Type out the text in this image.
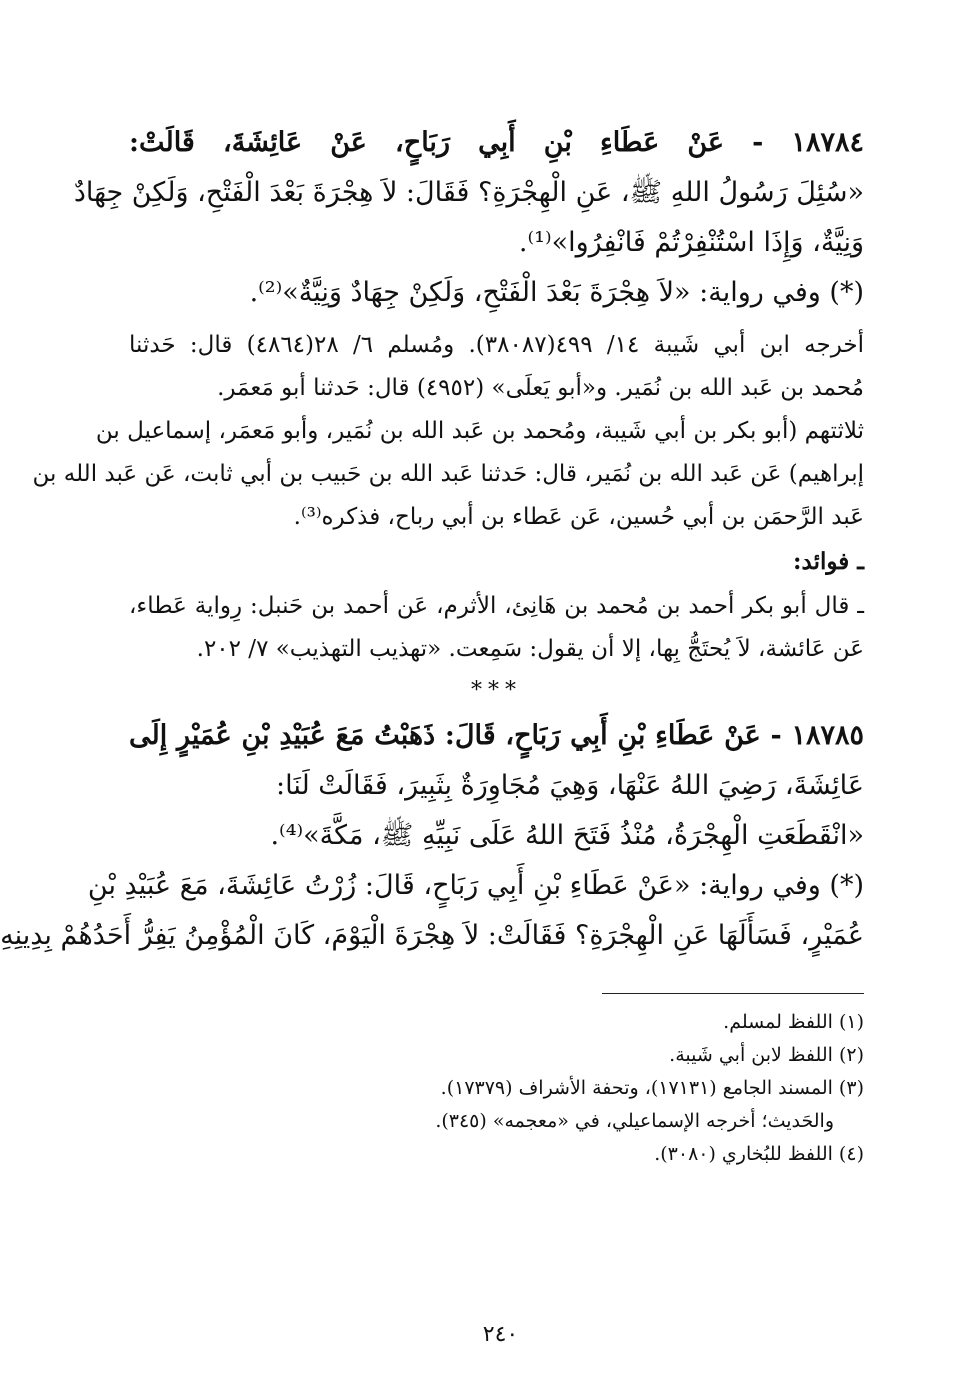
١٨٧٨٤ - عَنْ عَطَاءِ بْنِ أَبِي رَبَاحٍ، عَنْ عَائِشَةَ، قَالَتْ:
«سُئِلَ رَسُولُ اللهِ ﷺ، عَنِ الْهِجْرَةِ؟ فَقَالَ: لاَ هِجْرَةَ بَعْدَ الْفَتْحِ، وَلَكِنْ جِهَادٌ
وَنِيَّةٌ، وَإِذَا اسْتُنْفِرْتُمْ فَانْفِرُوا»⁽¹⁾.
(*) وفي رواية: «لاَ هِجْرَةَ بَعْدَ الْفَتْحِ، وَلَكِنْ جِهَادٌ وَنِيَّةٌ»⁽²⁾.
أخرجه ابن أبي شَيبة ١٤/ ٤٩٩(٣٨٠٨٧). ومُسلم ٦/ ٢٨(٤٨٦٤) قال: حَدثنا
مُحمد بن عَبد الله بن نُمَير. و«أبو يَعلَى» (٤٩٥٢) قال: حَدثنا أبو مَعمَر.
ثلاثتهم (أبو بكر بن أبي شَيبة، ومُحمد بن عَبد الله بن نُمَير، وأبو مَعمَر، إسماعيل بن
إبراهيم) عَن عَبد الله بن نُمَير، قال: حَدثنا عَبد الله بن حَبيب بن أبي ثابت، عَن عَبد الله بن
عَبد الرَّحمَن بن أبي حُسين، عَن عَطاء بن أبي رباح، فذكره⁽³⁾.
ـ فوائد:
ـ قال أبو بكر أحمد بن مُحمد بن هَانِئ، الأثرم، عَن أحمد بن حَنبل: رِواية عَطاء،
عَن عَائشة، لاَ يُحتَجُّ بِها، إلا أن يقول: سَمِعت. «تهذيب التهذيب» ٧/ ٢٠٢.
***
١٨٧٨٥ - عَنْ عَطَاءِ بْنِ أَبِي رَبَاحٍ، قَالَ: ذَهَبْتُ مَعَ عُبَيْدِ بْنِ عُمَيْرٍ إِلَى
عَائِشَةَ، رَضِيَ اللهُ عَنْهَا، وَهِيَ مُجَاوِرَةٌ بِثَبِيرَ، فَقَالَتْ لَنَا:
«انْقَطَعَتِ الْهِجْرَةُ، مُنْذُ فَتَحَ اللهُ عَلَى نَبِيِّهِ ﷺ، مَكَّةَ»⁽⁴⁾.
(*) وفي رواية: «عَنْ عَطَاءِ بْنِ أَبِي رَبَاحٍ، قَالَ: زُرْتُ عَائِشَةَ، مَعَ عُبَيْدِ بْنِ
عُمَيْرٍ، فَسَأَلَهَا عَنِ الْهِجْرَةِ؟ فَقَالَتْ: لاَ هِجْرَةَ الْيَوْمَ، كَانَ الْمُؤْمِنُ يَفِرُّ أَحَدُهُمْ بِدِينِهِ
(١) اللفظ لمسلم.
(٢) اللفظ لابن أبي شَيبة.
(٣) المسند الجامع (١٧١٣١)، وتحفة الأشراف (١٧٣٧٩).
والحَديث؛ أخرجه الإسماعيلي، في «معجمه» (٣٤٥).
(٤) اللفظ للبُخاري (٣٠٨٠).
٢٤٠
